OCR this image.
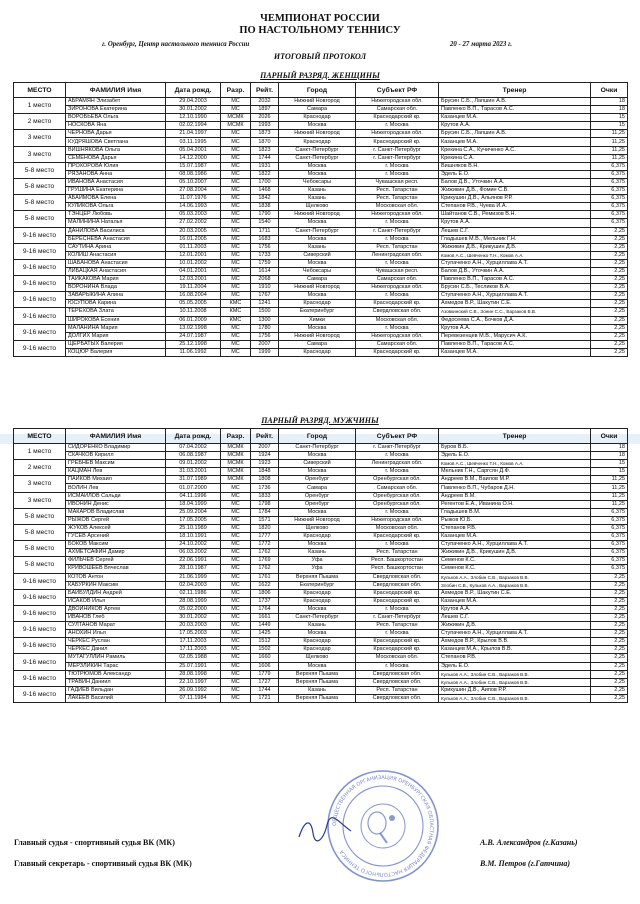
ЧЕМПИОНАТ РОССИИ
ПО НАСТОЛЬНОМУ ТЕННИСУ
г. Оренбург, Центр настольного тенниса России	20 - 27 марта 2023 г.
ИТОГОВЫЙ ПРОТОКОЛ
ПАРНЫЙ РАЗРЯД. ЖЕНЩИНЫ
МЕСТО	ФАМИЛИЯ Имя	Дата рожд.	Разр.	Рейт.	Город	Субъект РФ	Тренер	Очки
1 место	АБРАМЯН Элизабет	29.04.2003	МС	2032	Нижний Новгород	Нижегородская обл.	Брусин С.Б., Лапшин А.В.	18
	ЗИРОНОВА Екатерина	30.01.2002	МС	1897	Самара	Самарская обл.	Павленко В.П., Тарасов А.С.	18
2 место	ВОРОБЬЕВА Ольга	12.10.1990	МСМК	2026	Краснодар	Краснодарский кр.	Казанцев М.А.	15
	НОСКОВА Яна	02.02.1994	МСМК	1993	Москва	г. Москва	Крутов А.А.	15
3 место	ЧЕРНОВА Дарья	21.04.1997	МС	1873	Нижний Новгород	Нижегородская обл.	Брусин С.Б., Лапшин А.В.	11,25
	КУДРЯШОВА Светлана	03.11.1995	МС	1870	Краснодар	Краснодарский кр.	Казанцев М.А.	11,25
3 место	ВИШНЯКОВА Ольга	05.04.2001	МС	1823	Санкт-Петербург	г. Санкт-Петербург	Крекина С.А., Кучиченко А.С.	11,25
	СЕМЕНОВА Дарья	14.12.2000	МС	1744	Санкт-Петербург	г. Санкт-Петербург	Крекина С.А.	11,25
5-8 место	ПРОХОРОВА Юлия	15.07.1987	МС	1931	Москва	г. Москва	Вишняков В.Н.	6,375
	РЯЗАНОВА Анна	08.08.1986	МС	1822	Москва	г. Москва	Эдель Е.О.	6,375
5-8 место	ИВАНОВА Анастасия	05.10.2007	МС	1700	Чебоксары	Чувашская респ.	Балов Д.В., Уточкин А.А.	6,375
	ГРУШИНА Екатерина	27.08.2004	МС	1468	Казань	Респ. Татарстан	Жижикин Д.В., Фомин С.В.	6,375
5-8 место	АБАИМОВА Елена	11.07.1976	МС	1842	Казань	Респ. Татарстан	Крикушин Д.В., Альянов Р.Р.	6,375
	КУЛИКОВА Ольга	14.06.1993	МС	1838	Щелково	Московская обл.	Степанов Р.В., Чуева И.А.	6,375
5-8 место	ТЭНЦЕР Любовь	05.03.2003	МС	1790	Нижний Новгород	Нижегородская обл.	Шайтанов С.В., Ремизов В.Н.	6,375
	МАЛИНИНА Наталья	27.02.2002	МС	1540	Москва	г. Москва	Крутов А.А.	6,375
9-16 место	ДАНИЛОВА Василиса	20.03.2005	МС	1711	Санкт-Петербург	г. Санкт-Петербург	Лешев С.Г.	2,25
	БЕРЕСНЕВА Анастасия	16.01.2005	МС	1683	Москва	г. Москва	Гладышев М.В., Мельник Г.Н.	2,25
9-16 место	САУТИНА Арина	01.11.2003	МС	1756	Казань	Респ. Татарстан	Жижикин Д.В., Крикушин Д.В.	2,25
	КОЛИШ Анастасия	12.01.2001	МС	1733	Сиверский	Ленинградская обл.	Комов А.С., Шевченко Т.Н., Комов А.А.	2,25
9-16 место	ШАБАНОВА Анастасия	10.01.2002	МС	1759	Москва	г. Москва	Ступаченко А.Н., Хурциллава А.Т.	2,25
	ЛИБАЦКАЯ Анастасия	04.01.2001	МС	1614	Чебоксары	Чувашская респ.	Балов Д.В., Уточкин А.А.	2,25
9-16 место	ТАЙКАКОВА Мария	12.03.2001	МС	2068	Самара	Самарская обл.	Павленко В.П., Тарасов А.С.	2,25
	ВОРОНИНА Влада	19.11.2004	МС	1910	Нижний Новгород	Нижегородская обл.	Брусин С.Б., Тесликов В.А.	2,25
9-16 место	ЗАВАРЫКИНА Алина	16.08.2004	МС	1767	Москва	г. Москва	Ступаченко А.Н., Хурциллава А.Т.	2,25
	ЮСУПОВА Карина	05.05.2005	КМС	1241	Краснодар	Краснодарский кр.	Ахмедов В.Р., Шакутин С.Е.	2,25
9-16 место	ТЕРЕХОВА Злата	10.11.2008	КМС	1500	Екатеринбург	Свердловская обл.	Азовкинский С.В., Зонин С.С., Варзаков В.В.	2,25
	ШИРОКОВА Есения	06.01.2009	КМС	1300	Химки	Московская обл.	Федосеева С.А., Бочков Д.А.	2,25
9-16 место	МАЛАНИНА Мария	13.02.1998	МС	1780	Москва	г. Москва	Крутов А.А.	2,25
	ДОЛГИХ Мария	24.07.1987	МС	1756	Нижний Новгород	Нижегородская обл.	Перевезенцев М.В., Марусич А.К.	2,25
9-16 место	ЩЕРБАТЫХ Валерия	25.12.1998	МС	2007	Самара	Самарская обл.	Павленко В.П., Тарасов А.С.	2,25
	КОЦЮР Валерия	11.06.1992	МС	1999	Краснодар	Краснодарский кр.	Казанцев М.А.	2,25
ПАРНЫЙ РАЗРЯД. МУЖЧИНЫ
МЕСТО	ФАМИЛИЯ Имя	Дата рожд.	Разр.	Рейт.	Город	Субъект РФ	Тренер	Очки
1 место	СИДОРЕНКО Владимир	07.04.2002	МСМК	2007	Санкт-Петербург	г. Санкт-Петербург	Буров В.Б.	18
	СКАЧКОВ Кирилл	06.08.1987	МСМК	1924	Москва	г. Москва	Эдель Е.О.	18
2 место	ГРЕБНЕВ Максим	09.01.2002	МСМК	1923	Сиверский	Ленинградская обл.	Комов А.С., Шевченко Т.Н., Комов А.А.	15
	КАЦМАН Лев	31.03.2001	МСМК	1848	Москва	г. Москва	Мельник Г.Н., Саргсян Д.Ф.	15
3 место	ПАЙКОВ Михаил	31.07.1989	МСМК	1808	Оренбург	Оренбургская обл.	Андреев В.М., Ваилов М.Р.	11,25
	ВОЛИН Лев	01.07.2000	МС	1736	Самара	Самарская обл.	Павленко В.П., Чубаров Д.Н.	11,25
3 место	ИСМАИЛОВ Сальди	04.11.1996	МС	1833	Оренбург	Оренбургская обл.	Андреев В.М.	11,25
	ИВОНИН Денис	18.04.1999	МС	1798	Оренбург	Оренбургская обл.	Регентов Е.А., Иванина О.Н.	11,25
5-8 место	МАКАРОВ Владислав	25.09.2004	МС	1784	Москва	г. Москва	Гладышев В.М.	6,375
	РЫЖОВ Сергей	17.05.2005	МС	1571	Нижний Новгород	Нижегородская обл.	Рыжов Ю.Б.	6,375
5-8 место	ЖУКОВ Алексей	25.10.1989	МС	1820	Щелково	Московская обл.	Степанов Р.В.	6,375
	ГУСЕВ Арсений	18.10.1991	МС	1777	Краснодар	Краснодарский кр.	Казанцев М.А.	6,375
5-8 место	БОКОВ Максим	24.10.2002	МС	1772	Москва	г. Москва	Ступаченко А.Н., Хурциллава А.Т.	6,375
	АХМЕТСАФИН Дамир	06.03.2002	МС	1762	Казань	Респ. Татарстан	Жижикин Д.В., Крикушин Д.В.	6,375
5-8 место	ФИЛЬЧЕВ Сергей	22.06.1991	МС	1769	Уфа	Респ. Башкортостан	Семенов К.С.	6,375
	КРИВОШЕЕВ Вячеслав	28.10.1987	МС	1762	Уфа	Респ. Башкортостан	Семенов К.С.	6,375
9-16 место	КОТОВ Антон	21.06.1999	МС	1761	Верхняя Пышма	Свердловская обл.	Кульков А.А., Злобин С.В., Варзаков В.В.	2,25
	КАБУРКИН Максим	02.04.2003	МС	1622	Екатеринбург	Свердловская обл.	Злобин С.В., Кульков А.А., Варзаков В.В.	2,25
9-16 место	БАЙБУЛДИН Андрей	02.11.1986	МС	1806	Краснодар	Краснодарский кр.	Ахмедов В.Р., Шакутин С.Е.	2,25
	ИСАКОВ Илья	28.08.1999	МС	1737	Краснодар	Краснодарский кр.	Казанцев М.А.	2,25
9-16 место	ДВОЙНИКОВ Артем	05.02.2000	МС	1764	Москва	г. Москва	Крутов А.А.	2,25
	ИВАНОВ Глеб	30.01.2002	МС	1661	Санкт-Петербург	г. Санкт-Петербург	Лешев С.Г.	2,25
9-16 место	СУЛТАНОВ Марат	20.03.2003	МС	1449	Казань	Респ. Татарстан	Жижикин Д.В.	2,25
	АНОХИН Илья	17.05.2003	МС	1425	Москва	г. Москва	Ступаченко А.Н., Хурциллава А.Т.	2,25
9-16 место	ЧЕРКЕС Руслан	17.11.2003	МС	1512	Краснодар	Краснодарский кр.	Ахмедов В.Р., Крылов В.В.	2,25
	ЧЕРКЕС Данил	17.11.2003	МС	1502	Краснодар	Краснодарский кр.	Казанцев М.А., Крылов В.В.	2,25
9-16 место	МУТАГУЛЛИН Рамиль	02.05.1988	МС	1660	Щелково	Московская обл.	Степанов Р.В.	2,25
	МЕРЗЛИКИН Тарас	25.07.1991	МС	1606	Москва	г. Москва	Эдель Е.О.	2,25
9-16 место	ТЮТРЮМОВ Александр	28.08.1998	МС	1779	Верхняя Пышма	Свердловская обл.	Кульков А.А., Злобин С.В., Варзаков В.В.	2,25
	ТРАВИН Даниил	22.10.1997	МС	1727	Верхняя Пышма	Свердловская обл.	Кульков А.А., Злобин С.В., Варзаков В.В.	2,25
9-16 место	ГАДИЕВ Вильдан	26.09.1992	МС	1744	Казань	Респ. Татарстан	Крикушин Д.В., Аипов Р.Р.	2,25
	ЛАКЕЕВ Василий	07.11.1984	МС	1721	Верхняя Пышма	Свердловская обл.	Кульков А.А., Злобин С.В., Варзаков В.В.	2,25
ОБЩЕСТВЕННАЯ ОРГАНИЗАЦИЯ ОРЕНБУРГСКАЯ ОБЛАСТНАЯ ФЕДЕРАЦИЯ НАСТОЛЬНОГО ТЕННИСА
Главный судья - спортивный судья ВК (МК)	А.В. Александров (г.Казань)
Главный секретарь - спортивный судья ВК (МК)	В.М. Петров (г.Гатчина)
